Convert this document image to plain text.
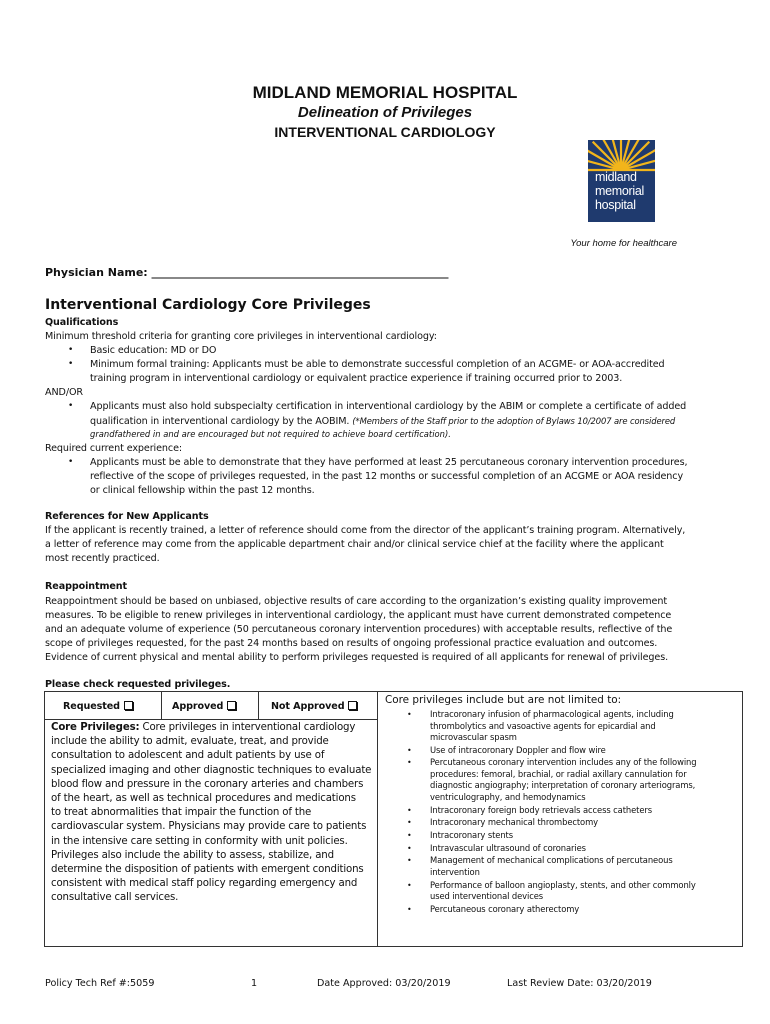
MIDLAND MEMORIAL HOSPITAL
Delineation of Privileges
INTERVENTIONAL CARDIOLOGY
midland
memorial
hospital
Your home for healthcare
Physician Name: ______________________________________________________
Interventional Cardiology Core Privileges
Qualifications
Minimum threshold criteria for granting core privileges in interventional cardiology:
• Basic education: MD or DO
• Minimum formal training: Applicants must be able to demonstrate successful completion of an ACGME- or AOA-accredited
training program in interventional cardiology or equivalent practice experience if training occurred prior to 2003.
AND/OR
• Applicants must also hold subspecialty certification in interventional cardiology by the ABIM or complete a certificate of added
qualification in interventional cardiology by the AOBIM. (*Members of the Staff prior to the adoption of Bylaws 10/2007 are considered
grandfathered in and are encouraged but not required to achieve board certification).
Required current experience:
• Applicants must be able to demonstrate that they have performed at least 25 percutaneous coronary intervention procedures,
reflective of the scope of privileges requested, in the past 12 months or successful completion of an ACGME or AOA residency
or clinical fellowship within the past 12 months.
References for New Applicants
If the applicant is recently trained, a letter of reference should come from the director of the applicant’s training program. Alternatively,
a letter of reference may come from the applicable department chair and/or clinical service chief at the facility where the applicant
most recently practiced.
Reappointment
Reappointment should be based on unbiased, objective results of care according to the organization’s existing quality improvement
measures. To be eligible to renew privileges in interventional cardiology, the applicant must have current demonstrated competence
and an adequate volume of experience (50 percutaneous coronary intervention procedures) with acceptable results, reflective of the
scope of privileges requested, for the past 24 months based on results of ongoing professional practice evaluation and outcomes.
Evidence of current physical and mental ability to perform privileges requested is required of all applicants for renewal of privileges.
Please check requested privileges.
Requested	Approved	Not Approved
Core Privileges: Core privileges in interventional cardiology
include the ability to admit, evaluate, treat, and provide
consultation to adolescent and adult patients by use of
specialized imaging and other diagnostic techniques to evaluate
blood flow and pressure in the coronary arteries and chambers
of the heart, as well as technical procedures and medications
to treat abnormalities that impair the function of the
cardiovascular system. Physicians may provide care to patients
in the intensive care setting in conformity with unit policies.
Privileges also include the ability to assess, stabilize, and
determine the disposition of patients with emergent conditions
consistent with medical staff policy regarding emergency and
consultative call services.
Core privileges include but are not limited to:
• Intracoronary infusion of pharmacological agents, including
thrombolytics and vasoactive agents for epicardial and
microvascular spasm
• Use of intracoronary Doppler and flow wire
• Percutaneous coronary intervention includes any of the following
procedures: femoral, brachial, or radial axillary cannulation for
diagnostic angiography; interpretation of coronary arteriograms,
ventriculography, and hemodynamics
• Intracoronary foreign body retrievals access catheters
• Intracoronary mechanical thrombectomy
• Intracoronary stents
• Intravascular ultrasound of coronaries
• Management of mechanical complications of percutaneous
intervention
• Performance of balloon angioplasty, stents, and other commonly
used interventional devices
• Percutaneous coronary atherectomy
Policy Tech Ref #:5059	1	Date Approved: 03/20/2019	Last Review Date: 03/20/2019
